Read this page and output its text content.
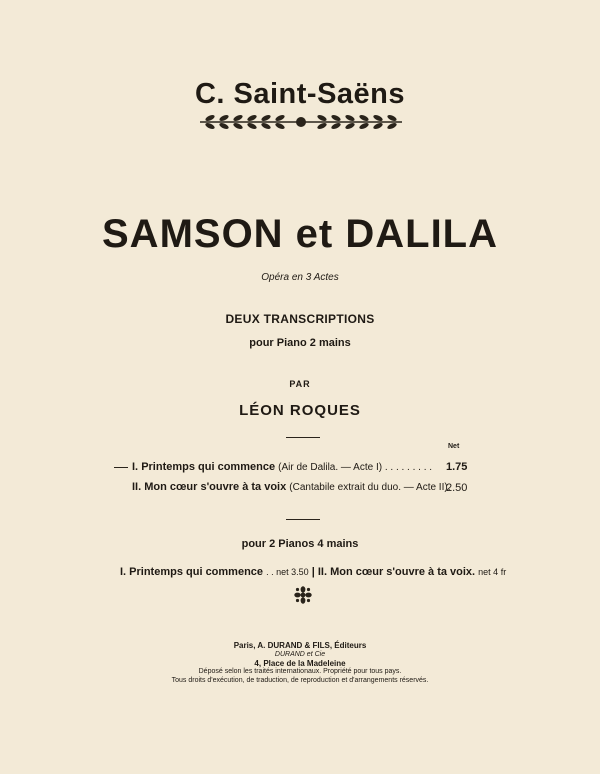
C. Saint-Saëns
SAMSON et DALILA
Opéra en 3 Actes
DEUX TRANSCRIPTIONS
pour Piano 2 mains
PAR
LÉON ROQUES
Net
I. Printemps qui commence (Air de Dalila. — Acte I) . . . . . . . . . 1.75
II. Mon cœur s'ouvre à ta voix (Cantabile extrait du duo. — Acte II).
2.50
pour 2 Pianos 4 mains
I. Printemps qui commence . . net 3.50 | II. Mon cœur s'ouvre à ta voix. net 4 fr
Paris, A. DURAND & FILS, Éditeurs
DURAND et Cie
4, Place de la Madeleine
Déposé selon les traités internationaux. Propriété pour tous pays.
Tous droits d'exécution, de traduction, de reproduction et d'arrangements réservés.
